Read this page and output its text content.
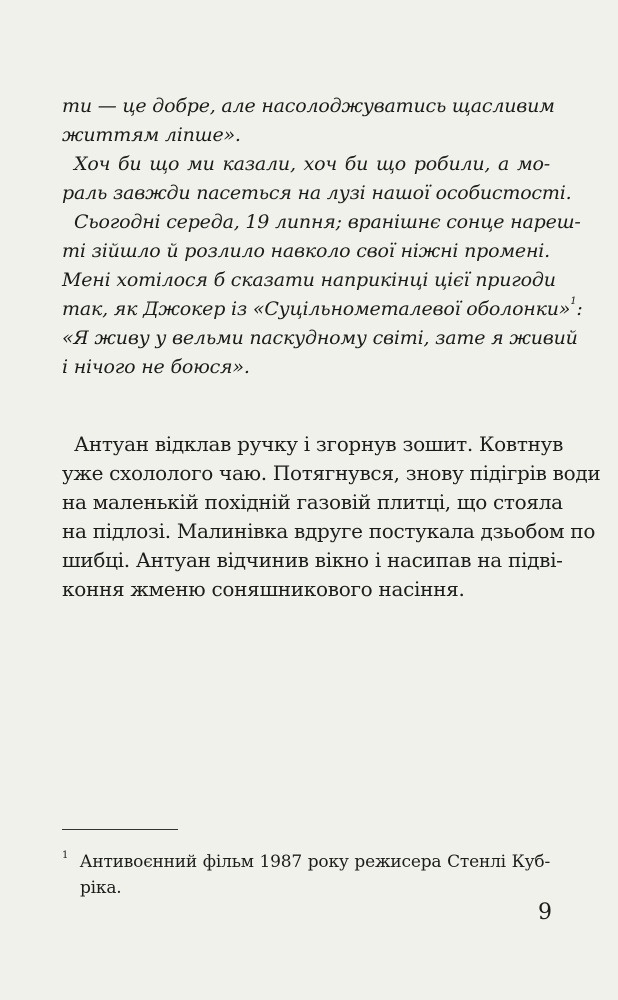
ти — це добре, але насолоджуватись щасливим
життям ліпше».
Хоч би що ми казали, хоч би що робили, а мо-
раль завжди пасеться на лузі нашої особистості.
Сьогодні середа, 19 липня; вранішнє сонце нареш-
ті зійшло й розлило навколо свої ніжні промені.
Мені хотілося б сказати наприкінці цієї пригоди
так, як Джокер із «Суцільнометалевої оболонки»$^1$:
«Я живу у вельми паскудному світі, зате я живий
і нічого не боюся».
Антуан відклав ручку і згорнув зошит. Ковтнув
уже схололого чаю. Потягнувся, знову підігрів води
на маленькій похідній газовій плитці, що стояла
на підлозі. Малинівка вдруге постукала дзьобом по
шибці. Антуан відчинив вікно і насипав на підві-
коння жменю соняшникового насіння.
$^1$ Антивоєнний фільм 1987 року режисера Стенлі Куб-
ріка.
9
